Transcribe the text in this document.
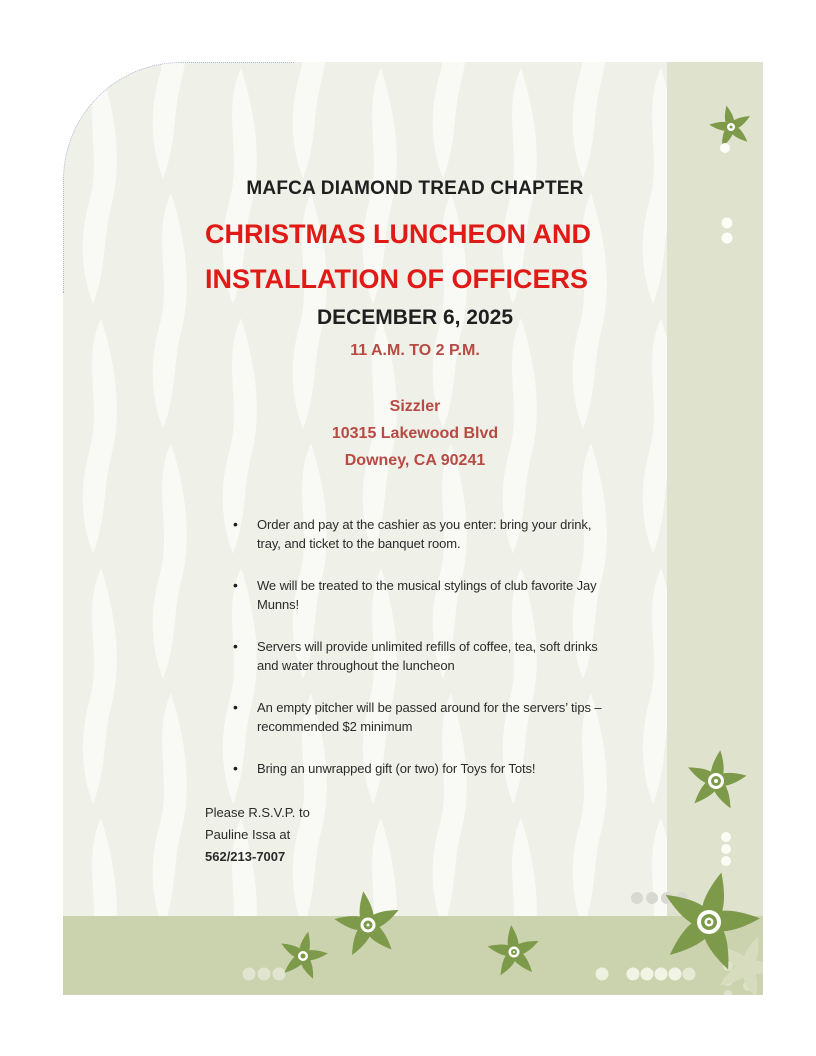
MAFCA DIAMOND TREAD CHAPTER
CHRISTMAS LUNCHEON AND
INSTALLATION OF OFFICERS
DECEMBER 6, 2025
11 A.M. TO 2 P.M.
Sizzler
10315 Lakewood Blvd
Downey, CA 90241
• Order and pay at the cashier as you enter: bring your drink,
tray, and ticket to the banquet room.
• We will be treated to the musical stylings of club favorite Jay
Munns!
• Servers will provide unlimited refills of coffee, tea, soft drinks
and water throughout the luncheon
• An empty pitcher will be passed around for the servers’ tips –
recommended $2 minimum
• Bring an unwrapped gift (or two) for Toys for Tots!
Please R.S.V.P. to
Pauline Issa at
562/213-7007
